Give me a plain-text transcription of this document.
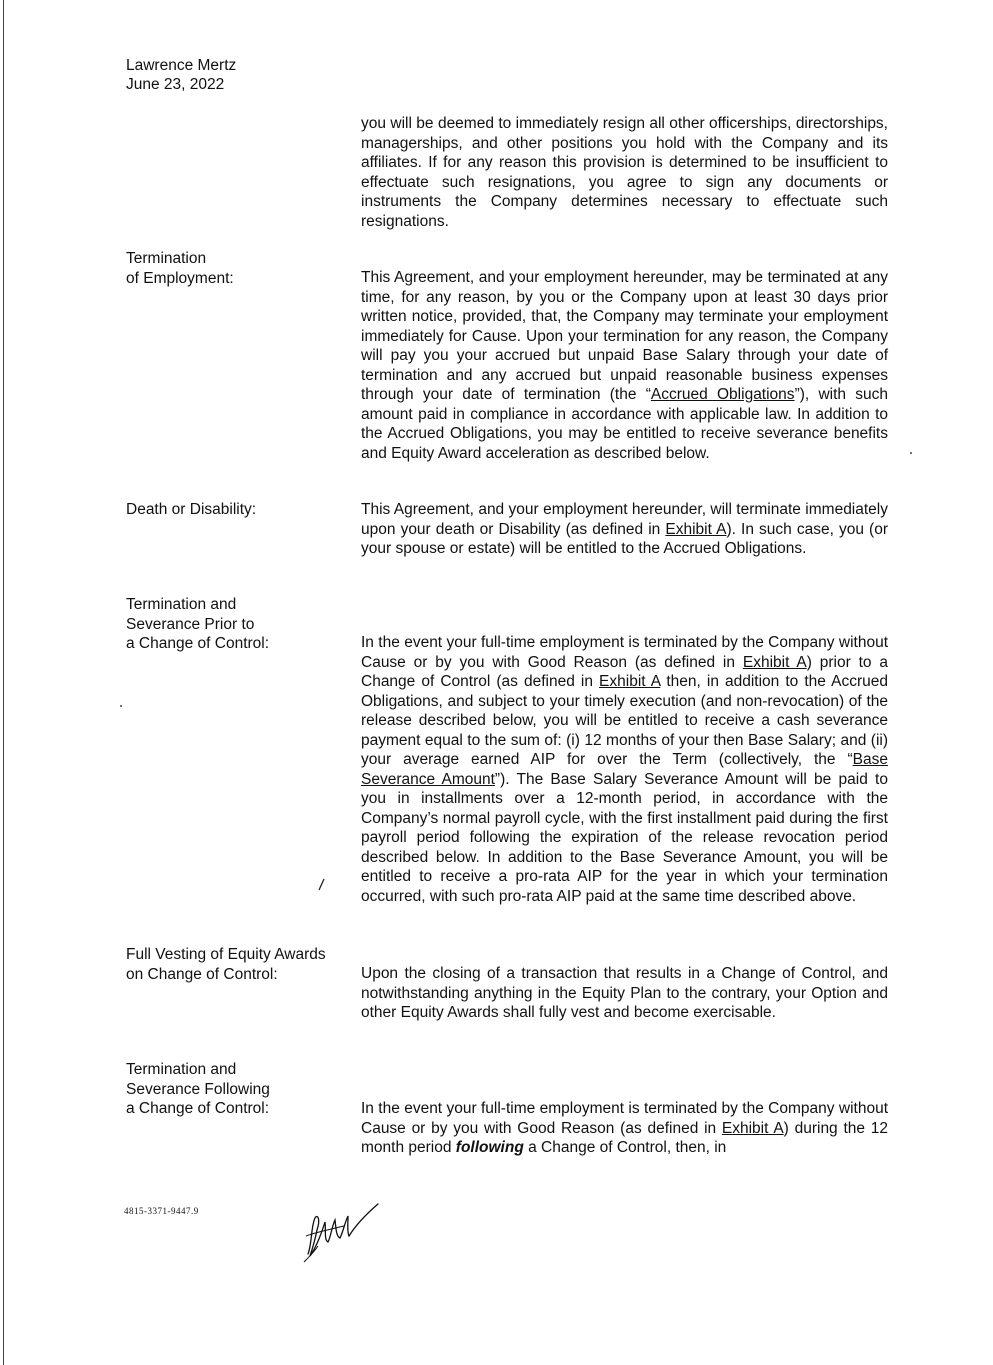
Lawrence Mertz
June 23, 2022

you will be deemed to immediately resign all other officerships, directorships, managerships, and other positions you hold with the Company and its affiliates. If for any reason this provision is determined to be insufficient to effectuate such resignations, you agree to sign any documents or instruments the Company determines necessary to effectuate such resignations.

Termination
of Employment:	This Agreement, and your employment hereunder, may be terminated at any time, for any reason, by you or the Company upon at least 30 days prior written notice, provided, that, the Company may terminate your employment immediately for Cause. Upon your termination for any reason, the Company will pay you your accrued but unpaid Base Salary through your date of termination and any accrued but unpaid reasonable business expenses through your date of termination (the “Accrued Obligations”), with such amount paid in compliance in accordance with applicable law. In addition to the Accrued Obligations, you may be entitled to receive severance benefits and Equity Award acceleration as described below.

Death or Disability:	This Agreement, and your employment hereunder, will terminate immediately upon your death or Disability (as defined in Exhibit A). In such case, you (or your spouse or estate) will be entitled to the Accrued Obligations.

Termination and
Severance Prior to
a Change of Control:	In the event your full-time employment is terminated by the Company without Cause or by you with Good Reason (as defined in Exhibit A) prior to a Change of Control (as defined in Exhibit A then, in addition to the Accrued Obligations, and subject to your timely execution (and non-revocation) of the release described below, you will be entitled to receive a cash severance payment equal to the sum of: (i) 12 months of your then Base Salary; and (ii) your average earned AIP for over the Term (collectively, the “Base Severance Amount”). The Base Salary Severance Amount will be paid to you in installments over a 12-month period, in accordance with the Company’s normal payroll cycle, with the first installment paid during the first payroll period following the expiration of the release revocation period described below. In addition to the Base Severance Amount, you will be entitled to receive a pro-rata AIP for the year in which your termination occurred, with such pro-rata AIP paid at the same time described above.

Full Vesting of Equity Awards
on Change of Control:	Upon the closing of a transaction that results in a Change of Control, and notwithstanding anything in the Equity Plan to the contrary, your Option and other Equity Awards shall fully vest and become exercisable.

Termination and
Severance Following
a Change of Control:	In the event your full-time employment is terminated by the Company without Cause or by you with Good Reason (as defined in Exhibit A) during the 12 month period following a Change of Control, then, in

4815-3371-9447.9
